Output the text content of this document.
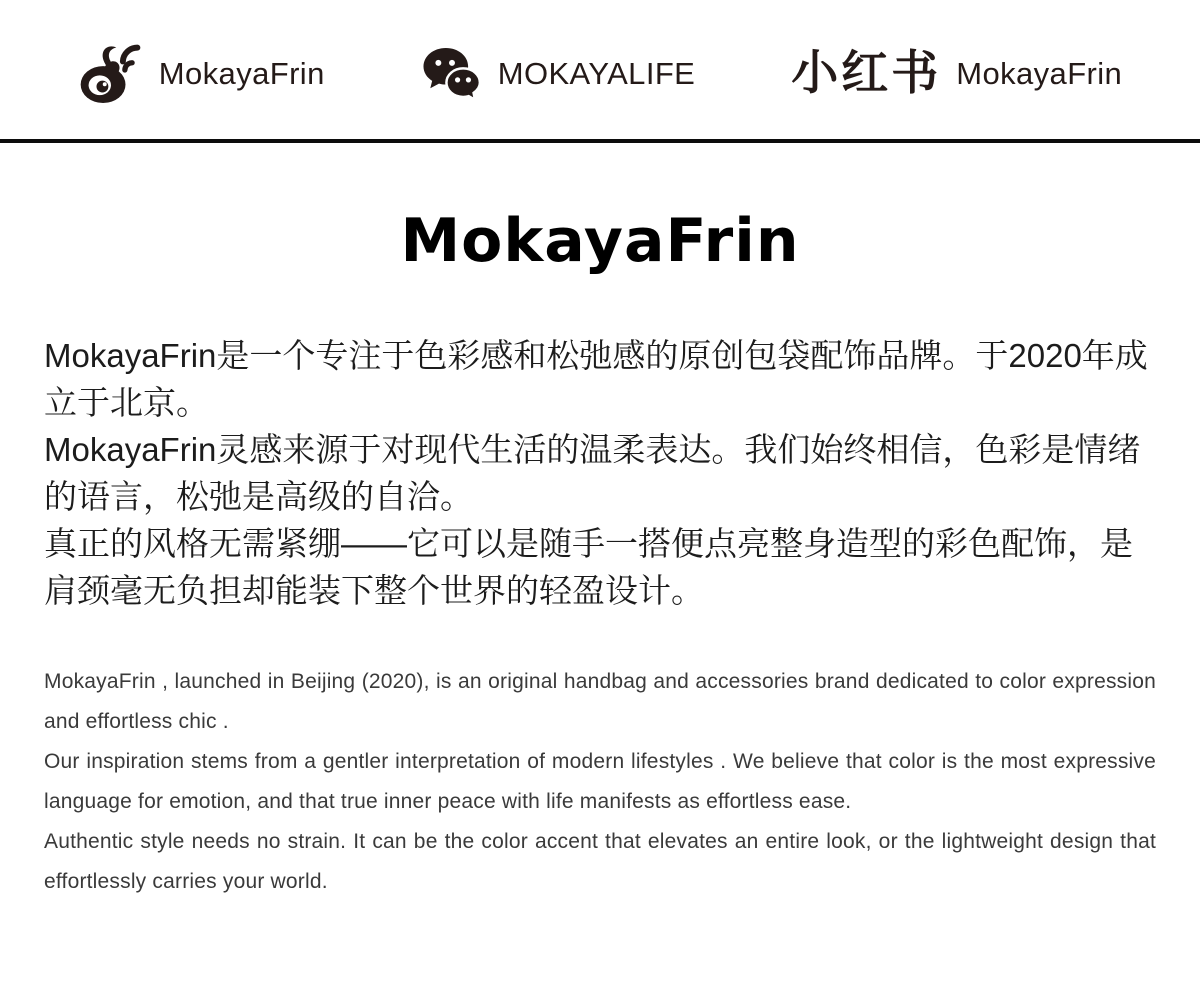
MokayaFrin	MOKAYALIFE 小红书 MokayaFrin
MokayaFrin

MokayaFrin是一个专注于色彩感和松弛感的原创包袋配饰品牌。于2020年成立于北京。

MokayaFrin灵感来源于对现代生活的温柔表达。我们始终相信，色彩是情绪的语言，松弛是高级的自洽。

真正的风格无需紧绷——它可以是随手一搭便点亮整身造型的彩色配饰，是肩颈毫无负担却能装下整个世界的轻盈设计。

MokayaFrin , launched in Beijing (2020), is an original handbag and accessories brand dedicated to color expression and effortless chic .

Our inspiration stems from a gentler interpretation of modern lifestyles . We believe that color is the most expressive language for emotion, and that true inner peace with life manifests as effortless ease.

Authentic style needs no strain. It can be the color accent that elevates an entire look, or the lightweight design that effortlessly carries your world.
